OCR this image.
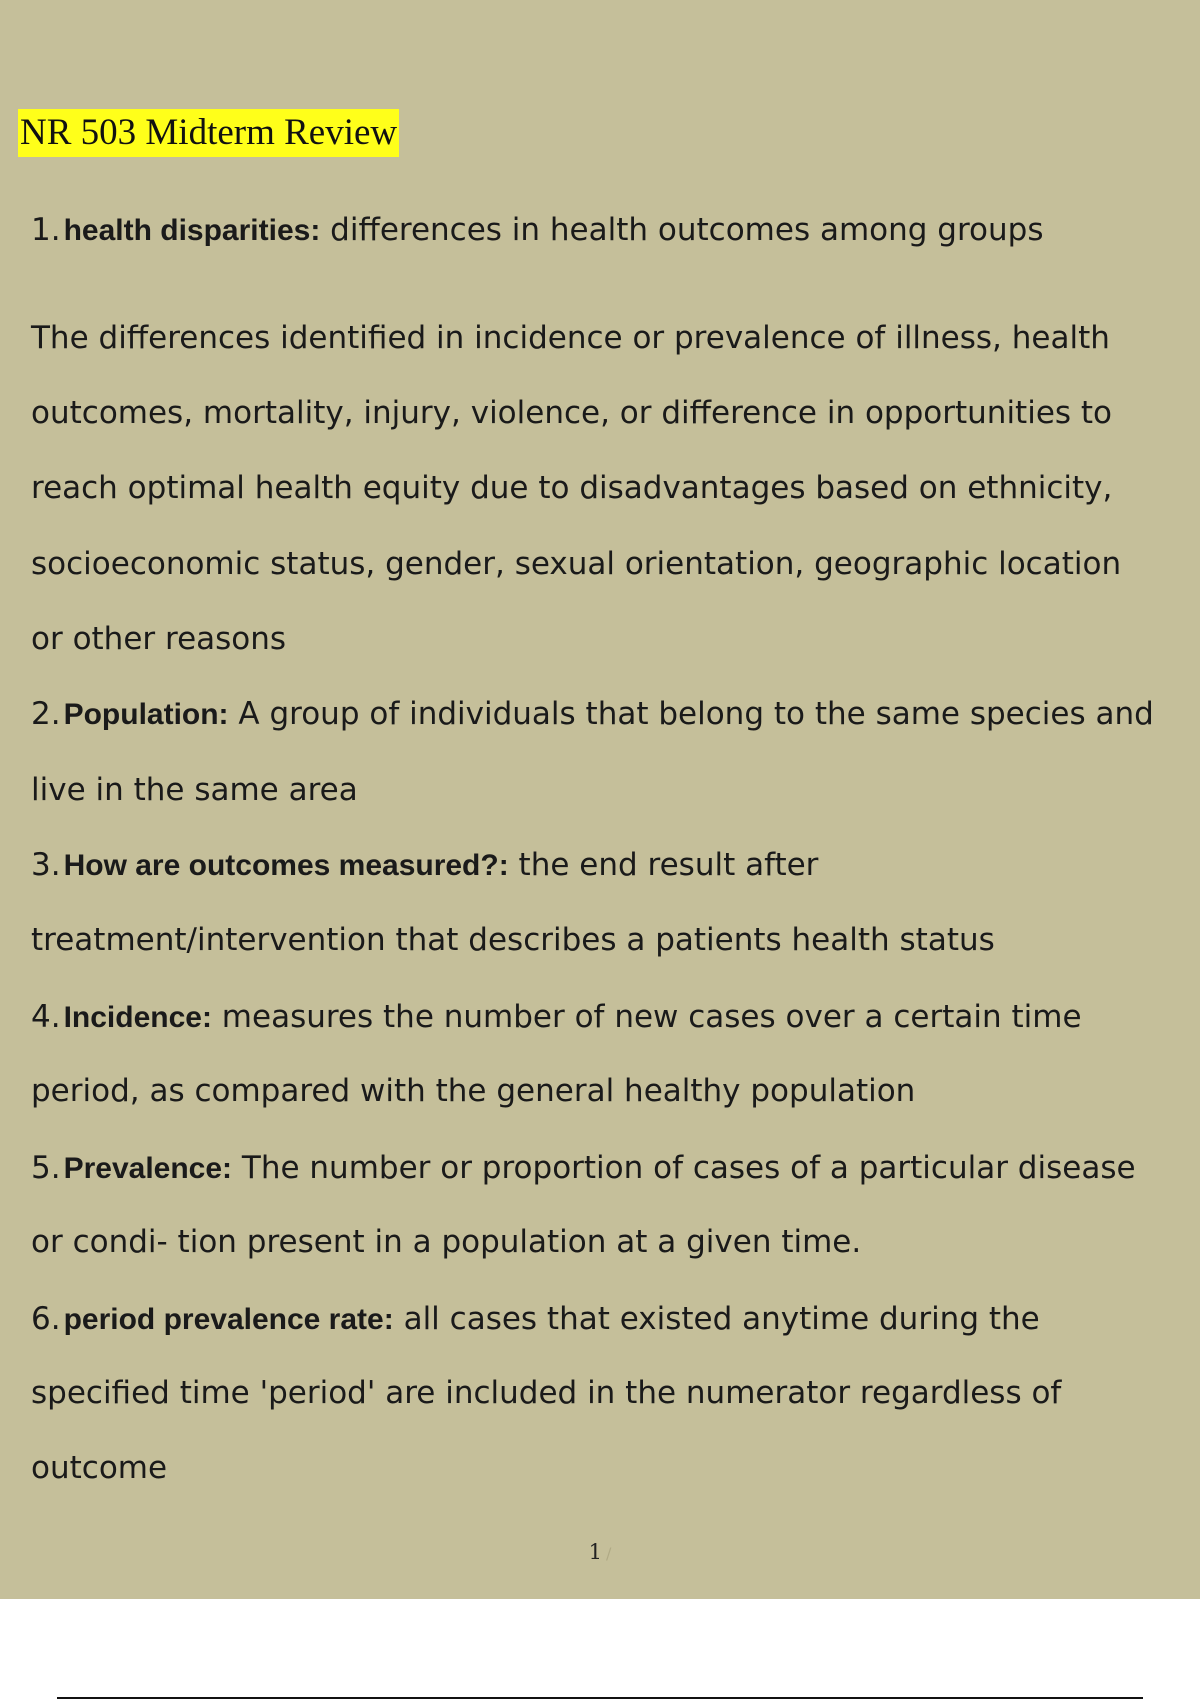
NR 503 Midterm Review
1. health disparities: differences in health outcomes among groups
The differences identified in incidence or prevalence of illness, health
outcomes, mortality, injury, violence, or difference in opportunities to
reach optimal health equity due to disadvantages based on ethnicity,
socioeconomic status, gender, sexual orientation, geographic location
or other reasons
2. Population: A group of individuals that belong to the same species and
live in the same area
3. How are outcomes measured?: the end result after
treatment/intervention that describes a patients health status
4. Incidence: measures the number of new cases over a certain time
period, as compared with the general healthy population
5. Prevalence: The number or proportion of cases of a particular disease
or condi- tion present in a population at a given time.
6. period prevalence rate: all cases that existed anytime during the
specified time 'period' are included in the numerator regardless of
outcome
1 /
